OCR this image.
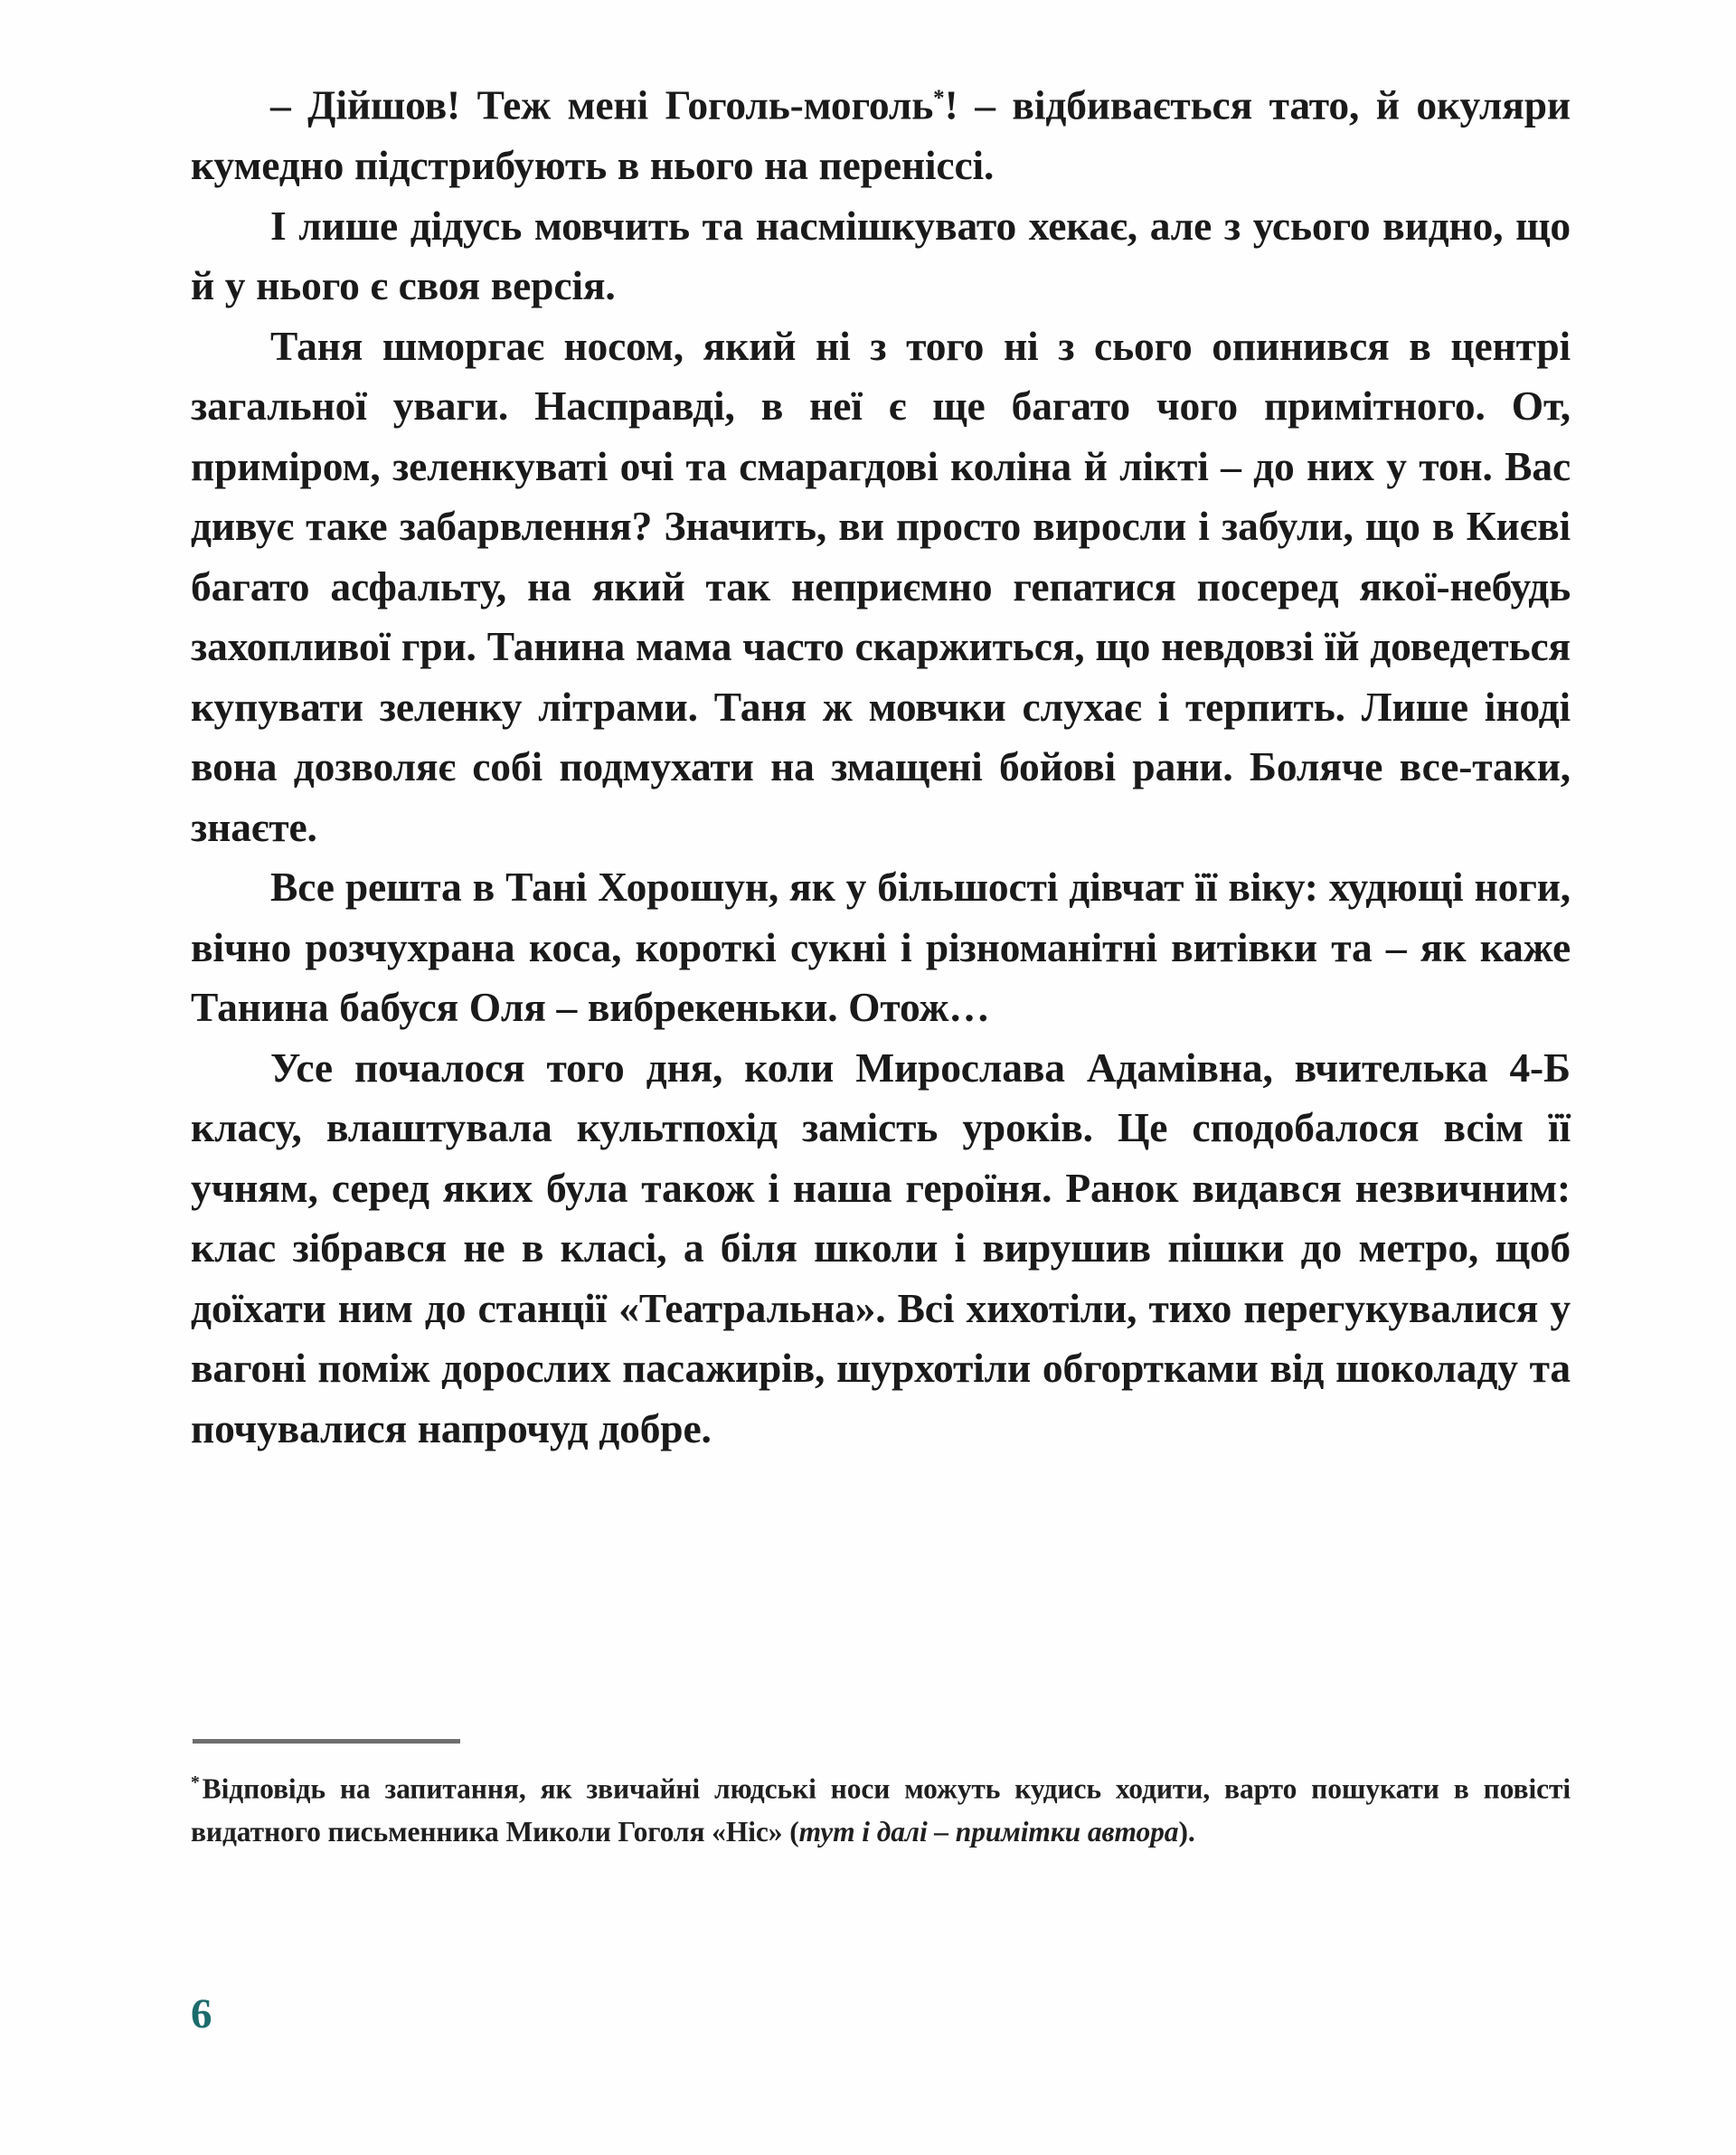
– Дійшов! Теж мені Гоголь-моголь*! – відбивається тато, й окуляри кумедно підстрибують в нього на переніссі.

І лише дідусь мовчить та насмішкувато хекає, але з усього видно, що й у нього є своя версія.

Таня шморгає носом, який ні з того ні з сього опинився в центрі загальної уваги. Насправді, в неї є ще багато чого примітного. От, приміром, зеленкуваті очі та смарагдові коліна й лікті – до них у тон. Вас дивує таке забарвлення? Значить, ви просто виросли і забули, що в Києві багато асфальту, на який так неприємно гепатися посеред якої-небудь захопливої гри. Танина мама часто скаржиться, що невдовзі їй доведеться купувати зеленку літрами. Таня ж мовчки слухає і терпить. Лише іноді вона дозволяє собі подмухати на змащені бойові рани. Боляче все-таки, знаєте.

Все решта в Тані Хорошун, як у більшості дівчат її віку: худющі ноги, вічно розчухрана коса, короткі сукні і різноманітні витівки та – як каже Танина бабуся Оля – вибрекеньки. Отож…

Усе почалося того дня, коли Мирослава Адамівна, вчителька 4-Б класу, влаштувала культпохід замість уроків. Це сподобалося всім її учням, серед яких була також і наша героїня. Ранок видався незвичним: клас зібрався не в класі, а біля школи і вирушив пішки до метро, щоб доїхати ним до станції «Театральна». Всі хихотіли, тихо перегукувалися у вагоні поміж дорослих пасажирів, шурхотіли обгортками від шоколаду та почувалися напрочуд добре.

*Відповідь на запитання, як звичайні людські носи можуть кудись ходити, варто пошукати в повісті видатного письменника Миколи Гоголя «Ніс» (тут і далі – примітки автора).

6
